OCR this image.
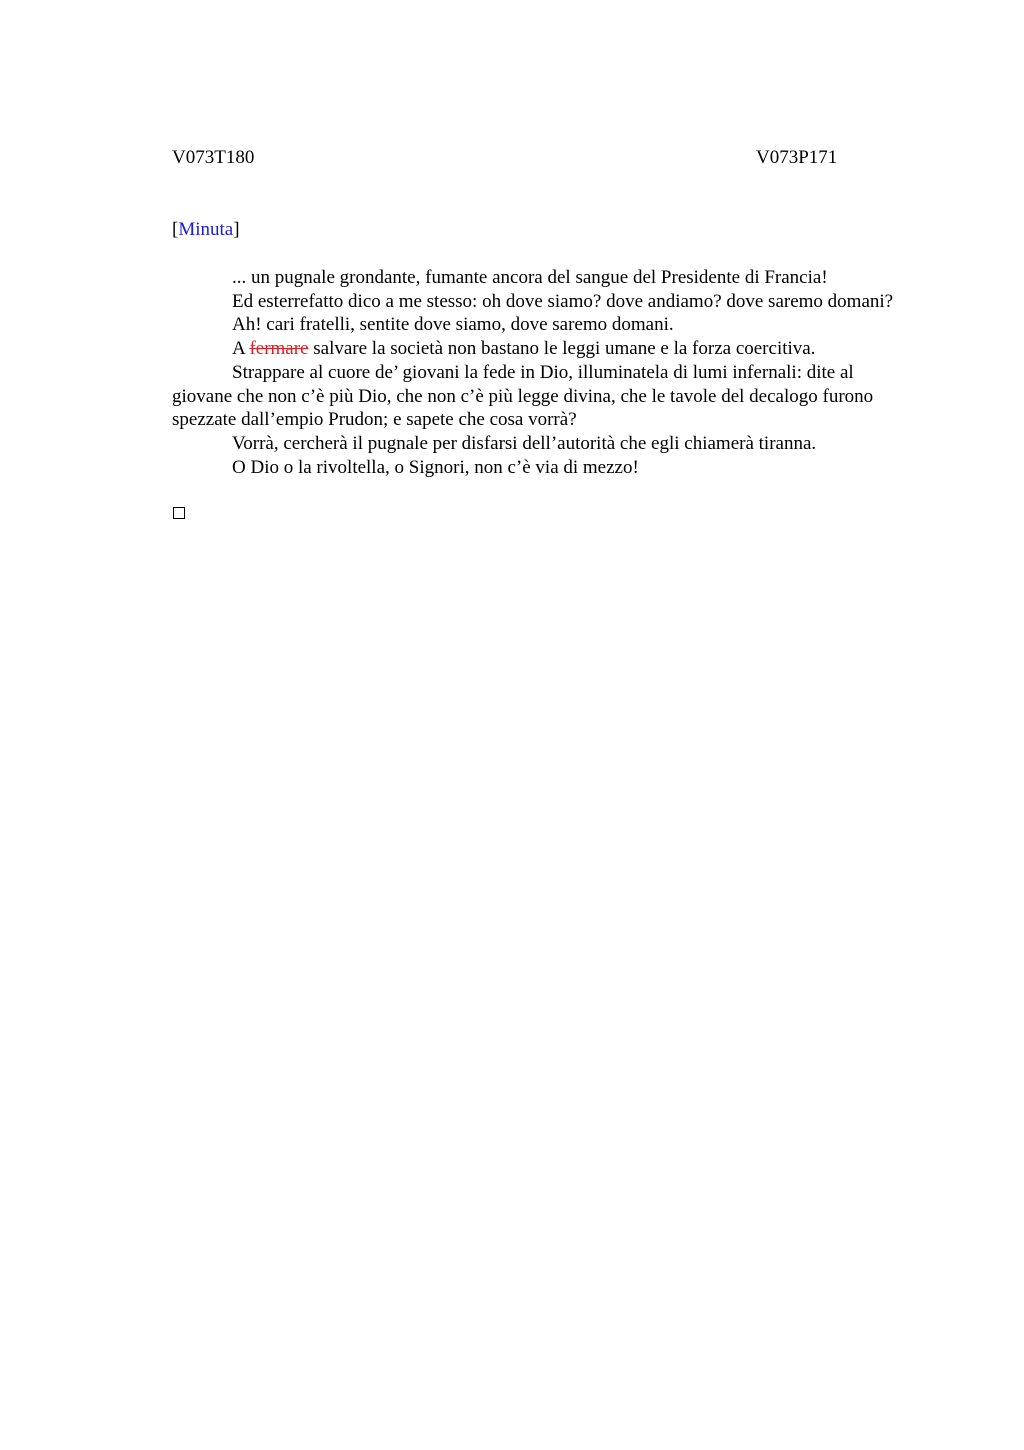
V073T180	V073P171
[Minuta]

... un pugnale grondante, fumante ancora del sangue del Presidente di Francia!

Ed esterrefatto dico a me stesso: oh dove siamo? dove andiamo? dove saremo domani?

Ah! cari fratelli, sentite dove siamo, dove saremo domani.

A fermare salvare la società non bastano le leggi umane e la forza coercitiva.

Strappare al cuore de’ giovani la fede in Dio, illuminatela di lumi infernali: dite al giovane che non c’è più Dio, che non c’è più legge divina, che le tavole del decalogo furono spezzate dall’empio Prudon; e sapete che cosa vorrà?

Vorrà, cercherà il pugnale per disfarsi dell’autorità che egli chiamerà tiranna.

O Dio o la rivoltella, o Signori, non c’è via di mezzo!
